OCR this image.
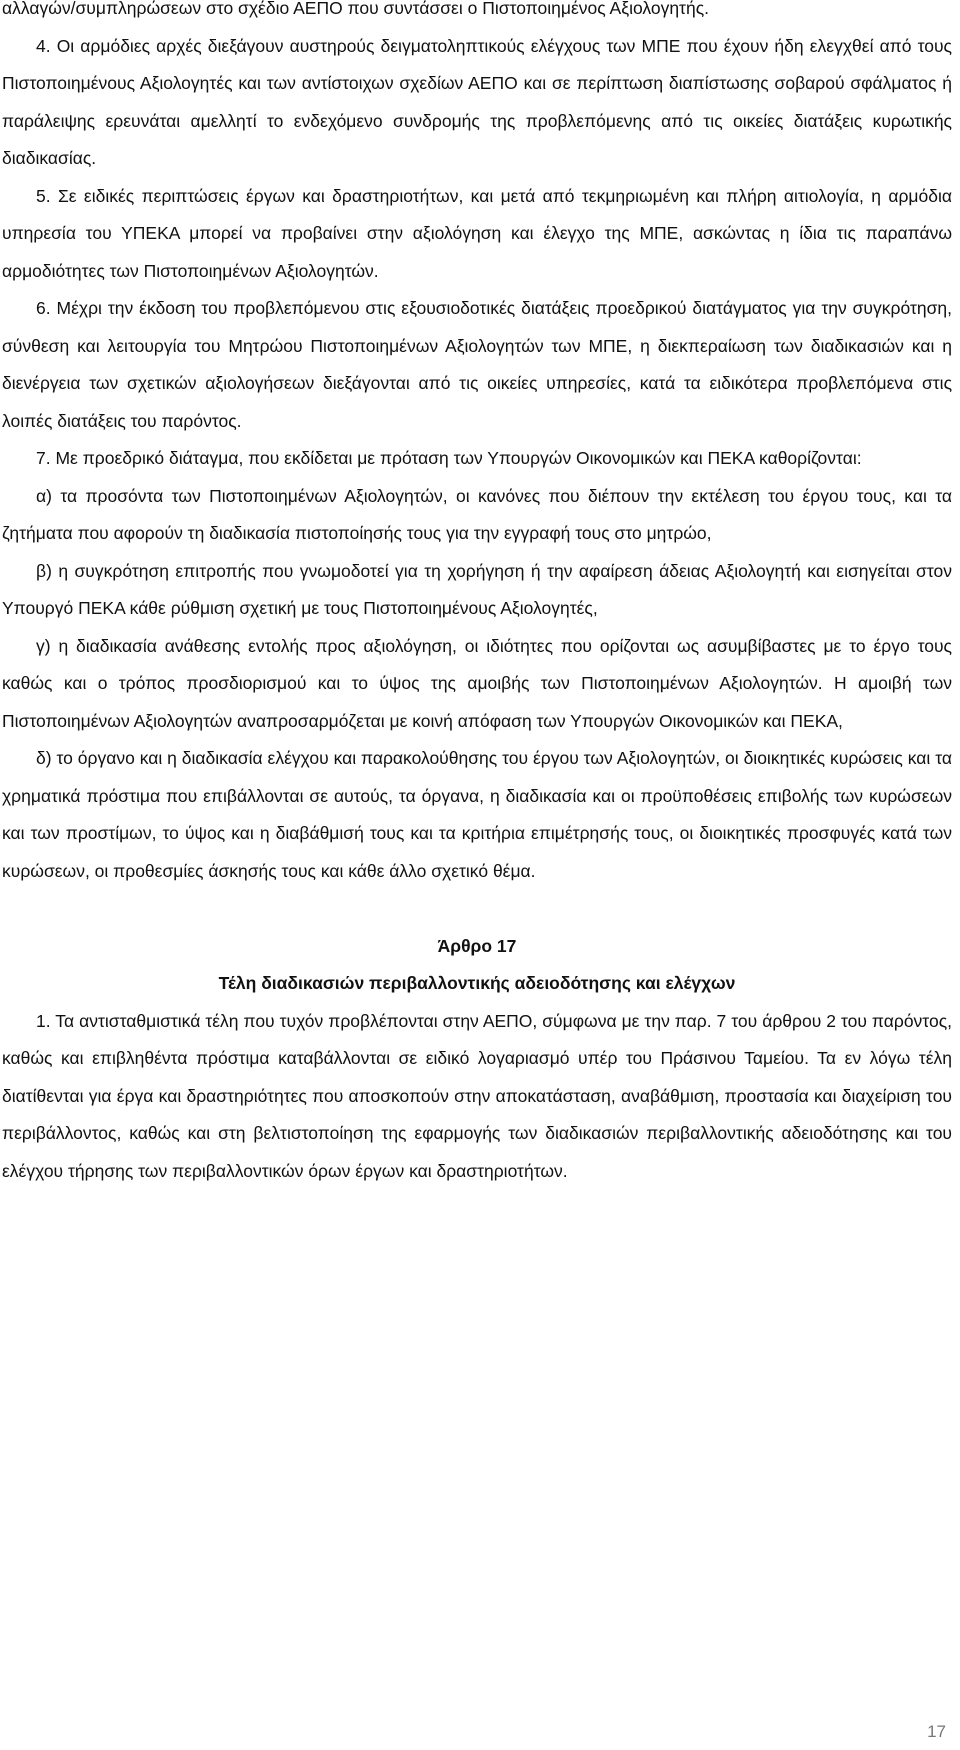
αλλαγών/συμπληρώσεων στο σχέδιο ΑΕΠΟ που συντάσσει ο Πιστοποιημένος Αξιολογητής.

4. Οι αρμόδιες αρχές διεξάγουν αυστηρούς δειγματοληπτικούς ελέγχους των ΜΠΕ που έχουν ήδη ελεγχθεί από τους Πιστοποιημένους Αξιολογητές και των αντίστοιχων σχεδίων ΑΕΠΟ και σε περίπτωση διαπίστωσης σοβαρού σφάλματος ή παράλειψης ερευνάται αμελλητί το ενδεχόμενο συνδρομής της προβλεπόμενης από τις οικείες διατάξεις κυρωτικής διαδικασίας.

5. Σε ειδικές περιπτώσεις έργων και δραστηριοτήτων, και μετά από τεκμηριωμένη και πλήρη αιτιολογία, η αρμόδια υπηρεσία του ΥΠΕΚΑ μπορεί να προβαίνει στην αξιολόγηση και έλεγχο της ΜΠΕ, ασκώντας η ίδια τις παραπάνω αρμοδιότητες των Πιστοποιημένων Αξιολογητών.

6. Μέχρι την έκδοση του προβλεπόμενου στις εξουσιοδοτικές διατάξεις προεδρικού διατάγματος για την συγκρότηση, σύνθεση και λειτουργία του Μητρώου Πιστοποιημένων Αξιολογητών των ΜΠΕ, η διεκπεραίωση των διαδικασιών και η διενέργεια των σχετικών αξιολογήσεων διεξάγονται από τις οικείες υπηρεσίες, κατά τα ειδικότερα προβλεπόμενα στις λοιπές διατάξεις του παρόντος.

7. Με προεδρικό διάταγμα, που εκδίδεται με πρόταση των Υπουργών Οικονομικών και ΠΕΚΑ καθορίζονται:

α) τα προσόντα των Πιστοποιημένων Αξιολογητών, οι κανόνες που διέπουν την εκτέλεση του έργου τους, και τα ζητήματα που αφορούν τη διαδικασία πιστοποίησής τους για την εγγραφή τους στο μητρώο,

β) η συγκρότηση επιτροπής που γνωμοδοτεί για τη χορήγηση ή την αφαίρεση άδειας Αξιολογητή και εισηγείται στον Υπουργό ΠΕΚΑ κάθε ρύθμιση σχετική με τους Πιστοποιημένους Αξιολογητές,

γ) η διαδικασία ανάθεσης εντολής προς αξιολόγηση, οι ιδιότητες που ορίζονται ως ασυμβίβαστες με το έργο τους καθώς και ο τρόπος προσδιορισμού και το ύψος της αμοιβής των Πιστοποιημένων Αξιολογητών. Η αμοιβή των Πιστοποιημένων Αξιολογητών αναπροσαρμόζεται με κοινή απόφαση των Υπουργών Οικονομικών και ΠΕΚΑ,

δ) το όργανο και η διαδικασία ελέγχου και παρακολούθησης του έργου των Αξιολογητών, οι διοικητικές κυρώσεις και τα χρηματικά πρόστιμα που επιβάλλονται σε αυτούς, τα όργανα, η διαδικασία και οι προϋποθέσεις επιβολής των κυρώσεων και των προστίμων, το ύψος και η διαβάθμισή τους και τα κριτήρια επιμέτρησής τους, οι διοικητικές προσφυγές κατά των κυρώσεων, οι προθεσμίες άσκησής τους και κάθε άλλο σχετικό θέμα.

Άρθρο 17

Τέλη διαδικασιών περιβαλλοντικής αδειοδότησης και ελέγχων

1. Τα αντισταθμιστικά τέλη που τυχόν προβλέπονται στην ΑΕΠΟ, σύμφωνα με την παρ. 7 του άρθρου 2 του παρόντος, καθώς και επιβληθέντα πρόστιμα καταβάλλονται σε ειδικό λογαριασμό υπέρ του Πράσινου Ταμείου. Τα εν λόγω τέλη διατίθενται για έργα και δραστηριότητες που αποσκοπούν στην αποκατάσταση, αναβάθμιση, προστασία και διαχείριση του περιβάλλοντος, καθώς και στη βελτιστοποίηση της εφαρμογής των διαδικασιών περιβαλλοντικής αδειοδότησης και του ελέγχου τήρησης των περιβαλλοντικών όρων έργων και δραστηριοτήτων.

17
